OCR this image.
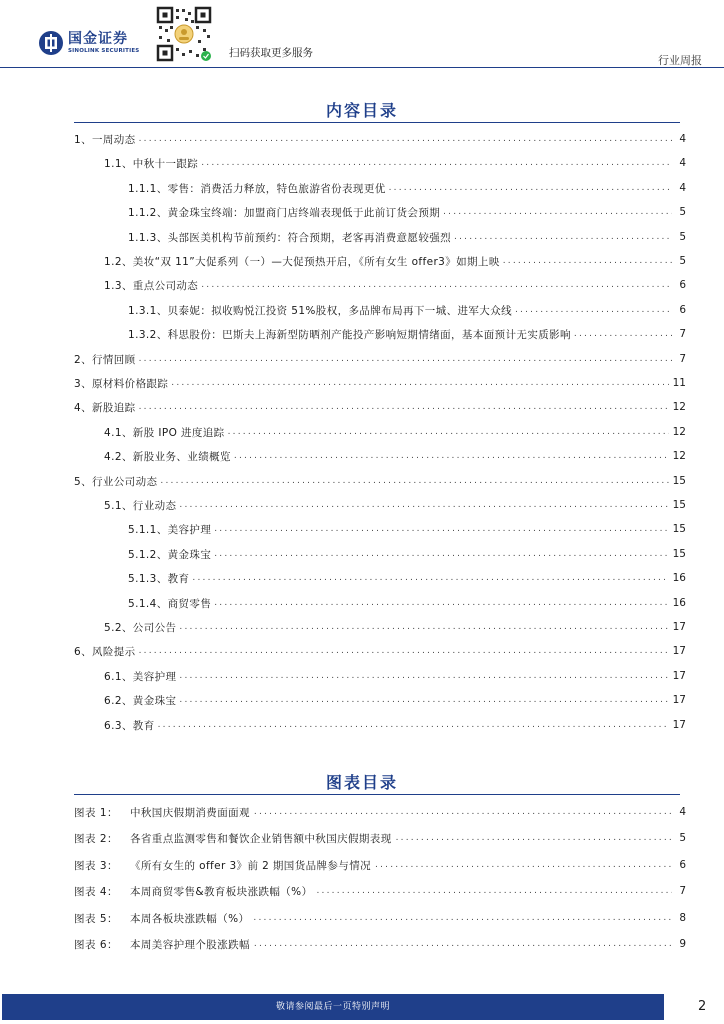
国金证券
SINOLINK SECURITIES	扫码获取更多服务
行业周报
内容目录
1、一周动态 .....	4
1.1、中秋十一跟踪 .....	4
1.1.1、零售：消费活力释放，特色旅游省份表现更优 .....	4
1.1.2、黄金珠宝终端：加盟商门店终端表现低于此前订货会预期 .....	5
1.1.3、头部医美机构节前预约：符合预期，老客再消费意愿较强烈 .....	5
1.2、美妆“双 11”大促系列（一）—大促预热开启，《所有女生 offer3》如期上映 .....	5
1.3、重点公司动态 .....	6
1.3.1、贝泰妮：拟收购悦江投资 51%股权，多品牌布局再下一城、进军大众线 .....	6
1.3.2、科思股份：巴斯夫上海新型防晒剂产能投产影响短期情绪面，基本面预计无实质影响 .....	7
2、行情回顾 .....	7
3、原材料价格跟踪 .....	11
4、新股追踪 .....	12
4.1、新股 IPO 进度追踪 .....	12
4.2、新股业务、业绩概览 .....	12
5、行业公司动态 .....	15
5.1、行业动态 .....	15
5.1.1、美容护理 .....	15
5.1.2、黄金珠宝 .....	15
5.1.3、教育 .....	16
5.1.4、商贸零售 .....	16
5.2、公司公告 .....	17
6、风险提示 .....	17
6.1、美容护理 .....	17
6.2、黄金珠宝 .....	17
6.3、教育 .....	17
图表目录
图表 1：	中秋国庆假期消费面面观 .....	4
图表 2：	各省重点监测零售和餐饮企业销售额中秋国庆假期表现 .....	5
图表 3：	《所有女生的 offer 3》前 2 期国货品牌参与情况 .....	6
图表 4：	本周商贸零售&教育板块涨跌幅（%） .....	7
图表 5：	本周各板块涨跌幅（%） .....	8
图表 6：	本周美容护理个股涨跌幅 .....	9
敬请参阅最后一页特别声明	2
